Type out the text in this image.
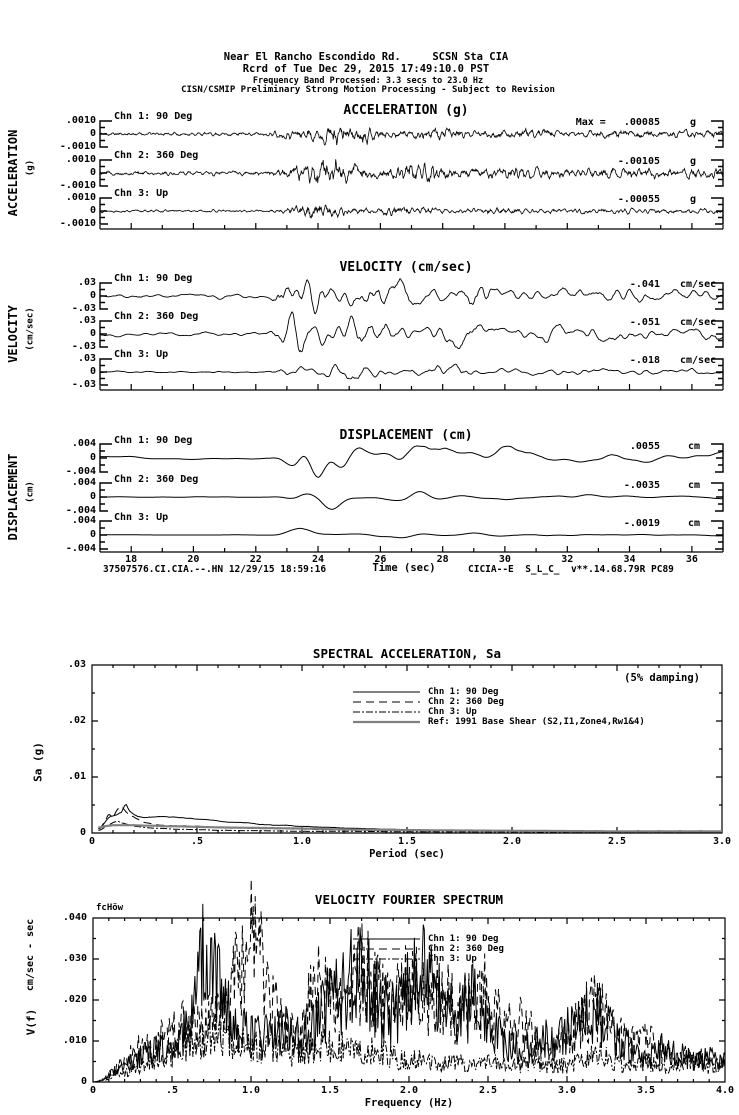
Near El Rancho Escondido Rd.     SCSN Sta CIA
Rcrd of Tue Dec 29, 2015 17:49:10.0 PST
Frequency Band Processed: 3.3 secs to 23.0 Hz
CISN/CSMIP Preliminary Strong Motion Processing - Subject to Revision
ACCELERATION (g)
ACCELERATION (g)
VELOCITY (cm/sec)
VELOCITY (cm/sec)
DISPLACEMENT (cm)
DISPLACEMENT (cm)
Time (sec)
37507576.CI.CIA.--.HN 12/29/15 18:59:16	CICIA--E  S_L_C_  v**.14.68.79R PC89
SPECTRAL ACCELERATION, Sa
(5% damping)
Sa (g)
Period (sec)
VELOCITY FOURIER SPECTRUM
fcHöw
cm/sec - sec
V(f)
Frequency (Hz)
.0010
0
-.0010
Chn 1: 90 Deg
Max =   .00085	g
.0010
0
-.0010
Chn 2: 360 Deg
-.00105	g
.0010
0
-.0010
Chn 3: Up
-.00055	g
.03
0
-.03
Chn 1: 90 Deg
-.041 cm/sec
.03
0
-.03
Chn 2: 360 Deg
-.051 cm/sec
.03
0
-.03
Chn 3: Up
-.018 cm/sec
.004
0
-.004
Chn 1: 90 Deg
.0055	cm
.004
0
-.004
Chn 2: 360 Deg
-.0035	cm
.004
0
-.004
Chn 3: Up
-.0019	cm
18	20	22	24	26	28	30	32	34	36
.03
.02
.01
0
0	.5	1.0	1.5	2.0	2.5	3.0
Chn 1: 90 Deg
Chn 2: 360 Deg
Chn 3: Up
Ref: 1991 Base Shear (S2,I1,Zone4,Rw1&4)
.040
.030
.020
.010
0
0	.5	1.0	1.5	2.0	2.5	3.0	3.5	4.0
Chn 1: 90 Deg
Chn 2: 360 Deg
Chn 3: Up
